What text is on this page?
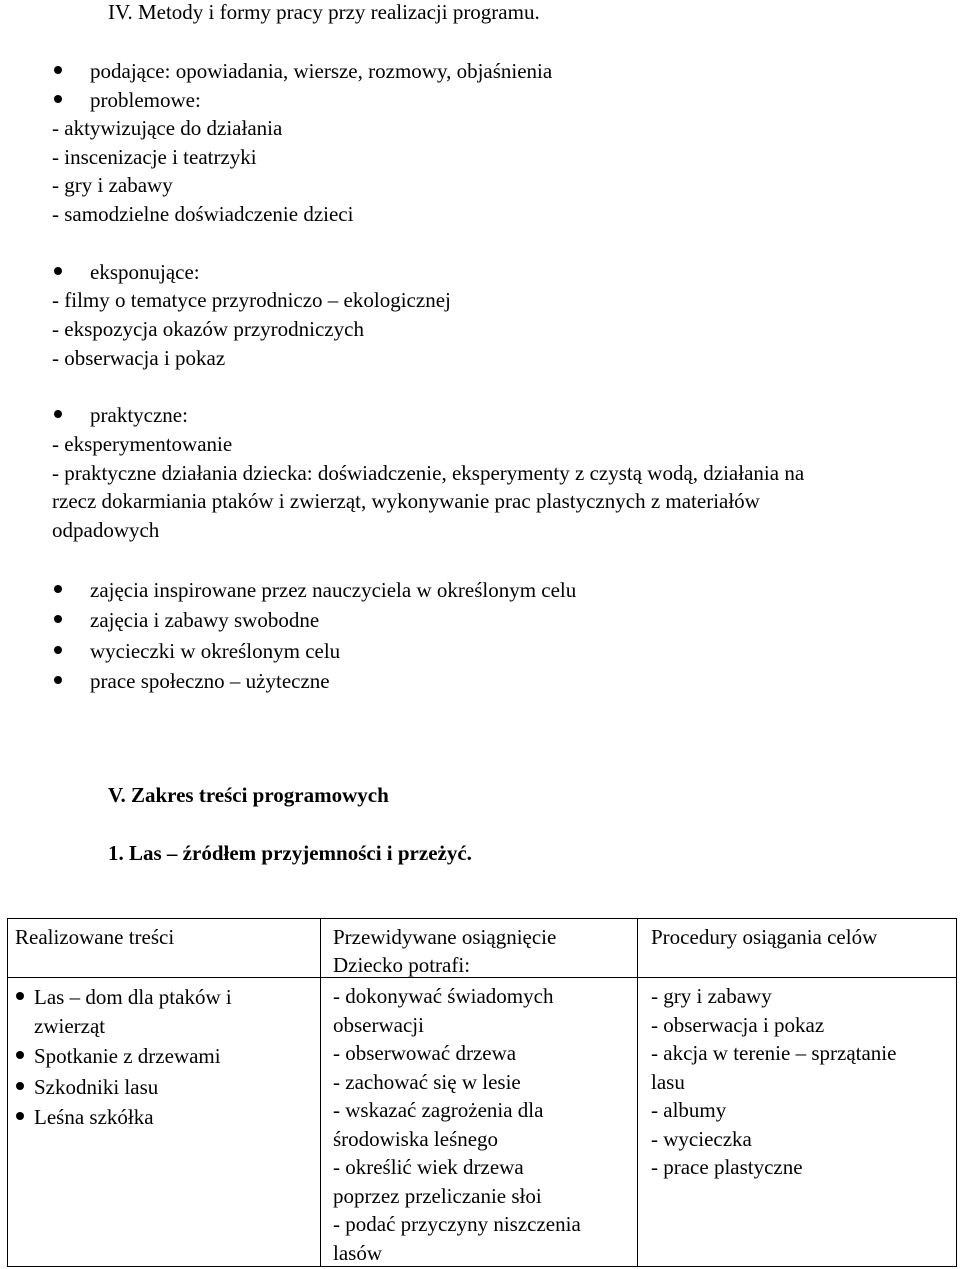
IV. Metody i formy pracy przy realizacji programu.
podające: opowiadania, wiersze, rozmowy, objaśnienia
problemowe:
- aktywizujące do działania
- inscenizacje i teatrzyki
- gry i zabawy
- samodzielne doświadczenie dzieci
eksponujące:
- filmy o tematyce przyrodniczo – ekologicznej
- ekspozycja okazów przyrodniczych
- obserwacja i pokaz
praktyczne:
- eksperymentowanie
- praktyczne działania dziecka: doświadczenie, eksperymenty z czystą wodą, działania na
rzecz dokarmiania ptaków i zwierząt, wykonywanie prac plastycznych z materiałów
odpadowych
zajęcia inspirowane przez nauczyciela w określonym celu
zajęcia i zabawy swobodne
wycieczki w określonym celu
prace społeczno – użyteczne
V. Zakres treści programowych
1. Las – źródłem przyjemności i przeżyć.
Realizowane treści	Przewidywane osiągnięcie
Dziecko potrafi:
Procedury osiągania celów
Las – dom dla ptaków i
zwierząt
Spotkanie z drzewami
Szkodniki lasu
Leśna szkółka
- dokonywać świadomych
obserwacji
- obserwować drzewa
- zachować się w lesie
- wskazać zagrożenia dla
środowiska leśnego
- określić wiek drzewa
poprzez przeliczanie słoi
- podać przyczyny niszczenia
lasów
- gry i zabawy
- obserwacja i pokaz
- akcja w terenie – sprzątanie
lasu
- albumy
- wycieczka
- prace plastyczne
